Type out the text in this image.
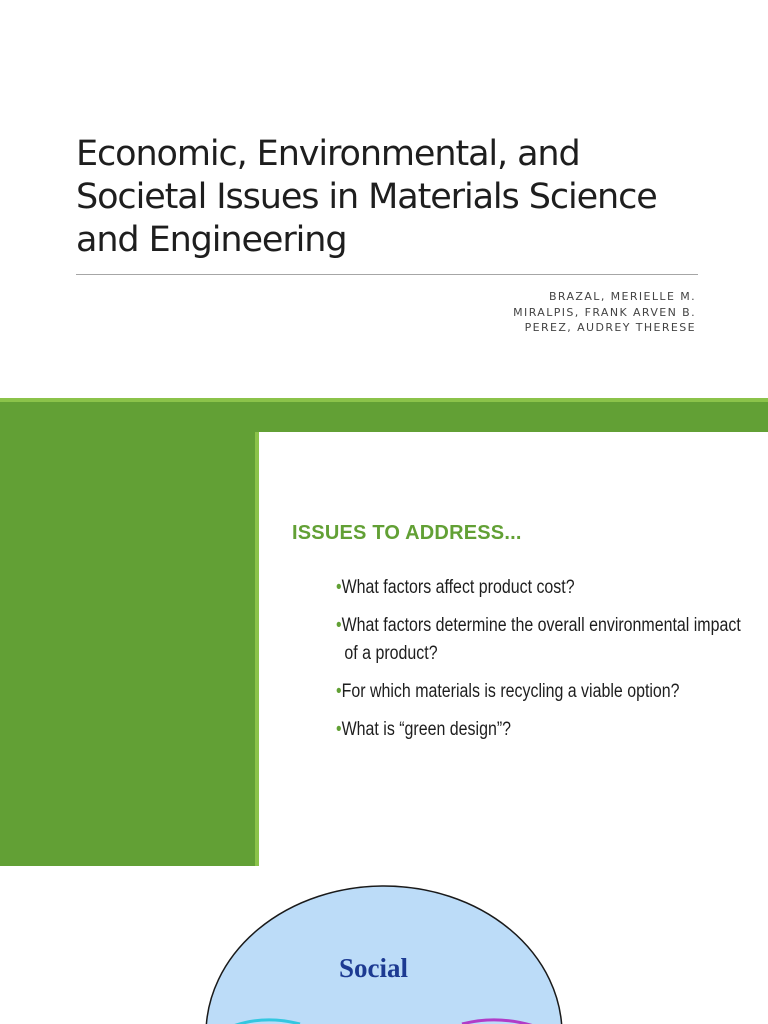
Economic, Environmental, and
Societal Issues in Materials Science
and Engineering
BRAZAL, MERIELLE M.
MIRALPIS, FRANK ARVEN B.
PEREZ, AUDREY THERESE
ISSUES TO ADDRESS...
•What factors affect product cost?
•What factors determine the overall environmental impact of a product?
•For which materials is recycling a viable option?
•What is “green design”?
Social
